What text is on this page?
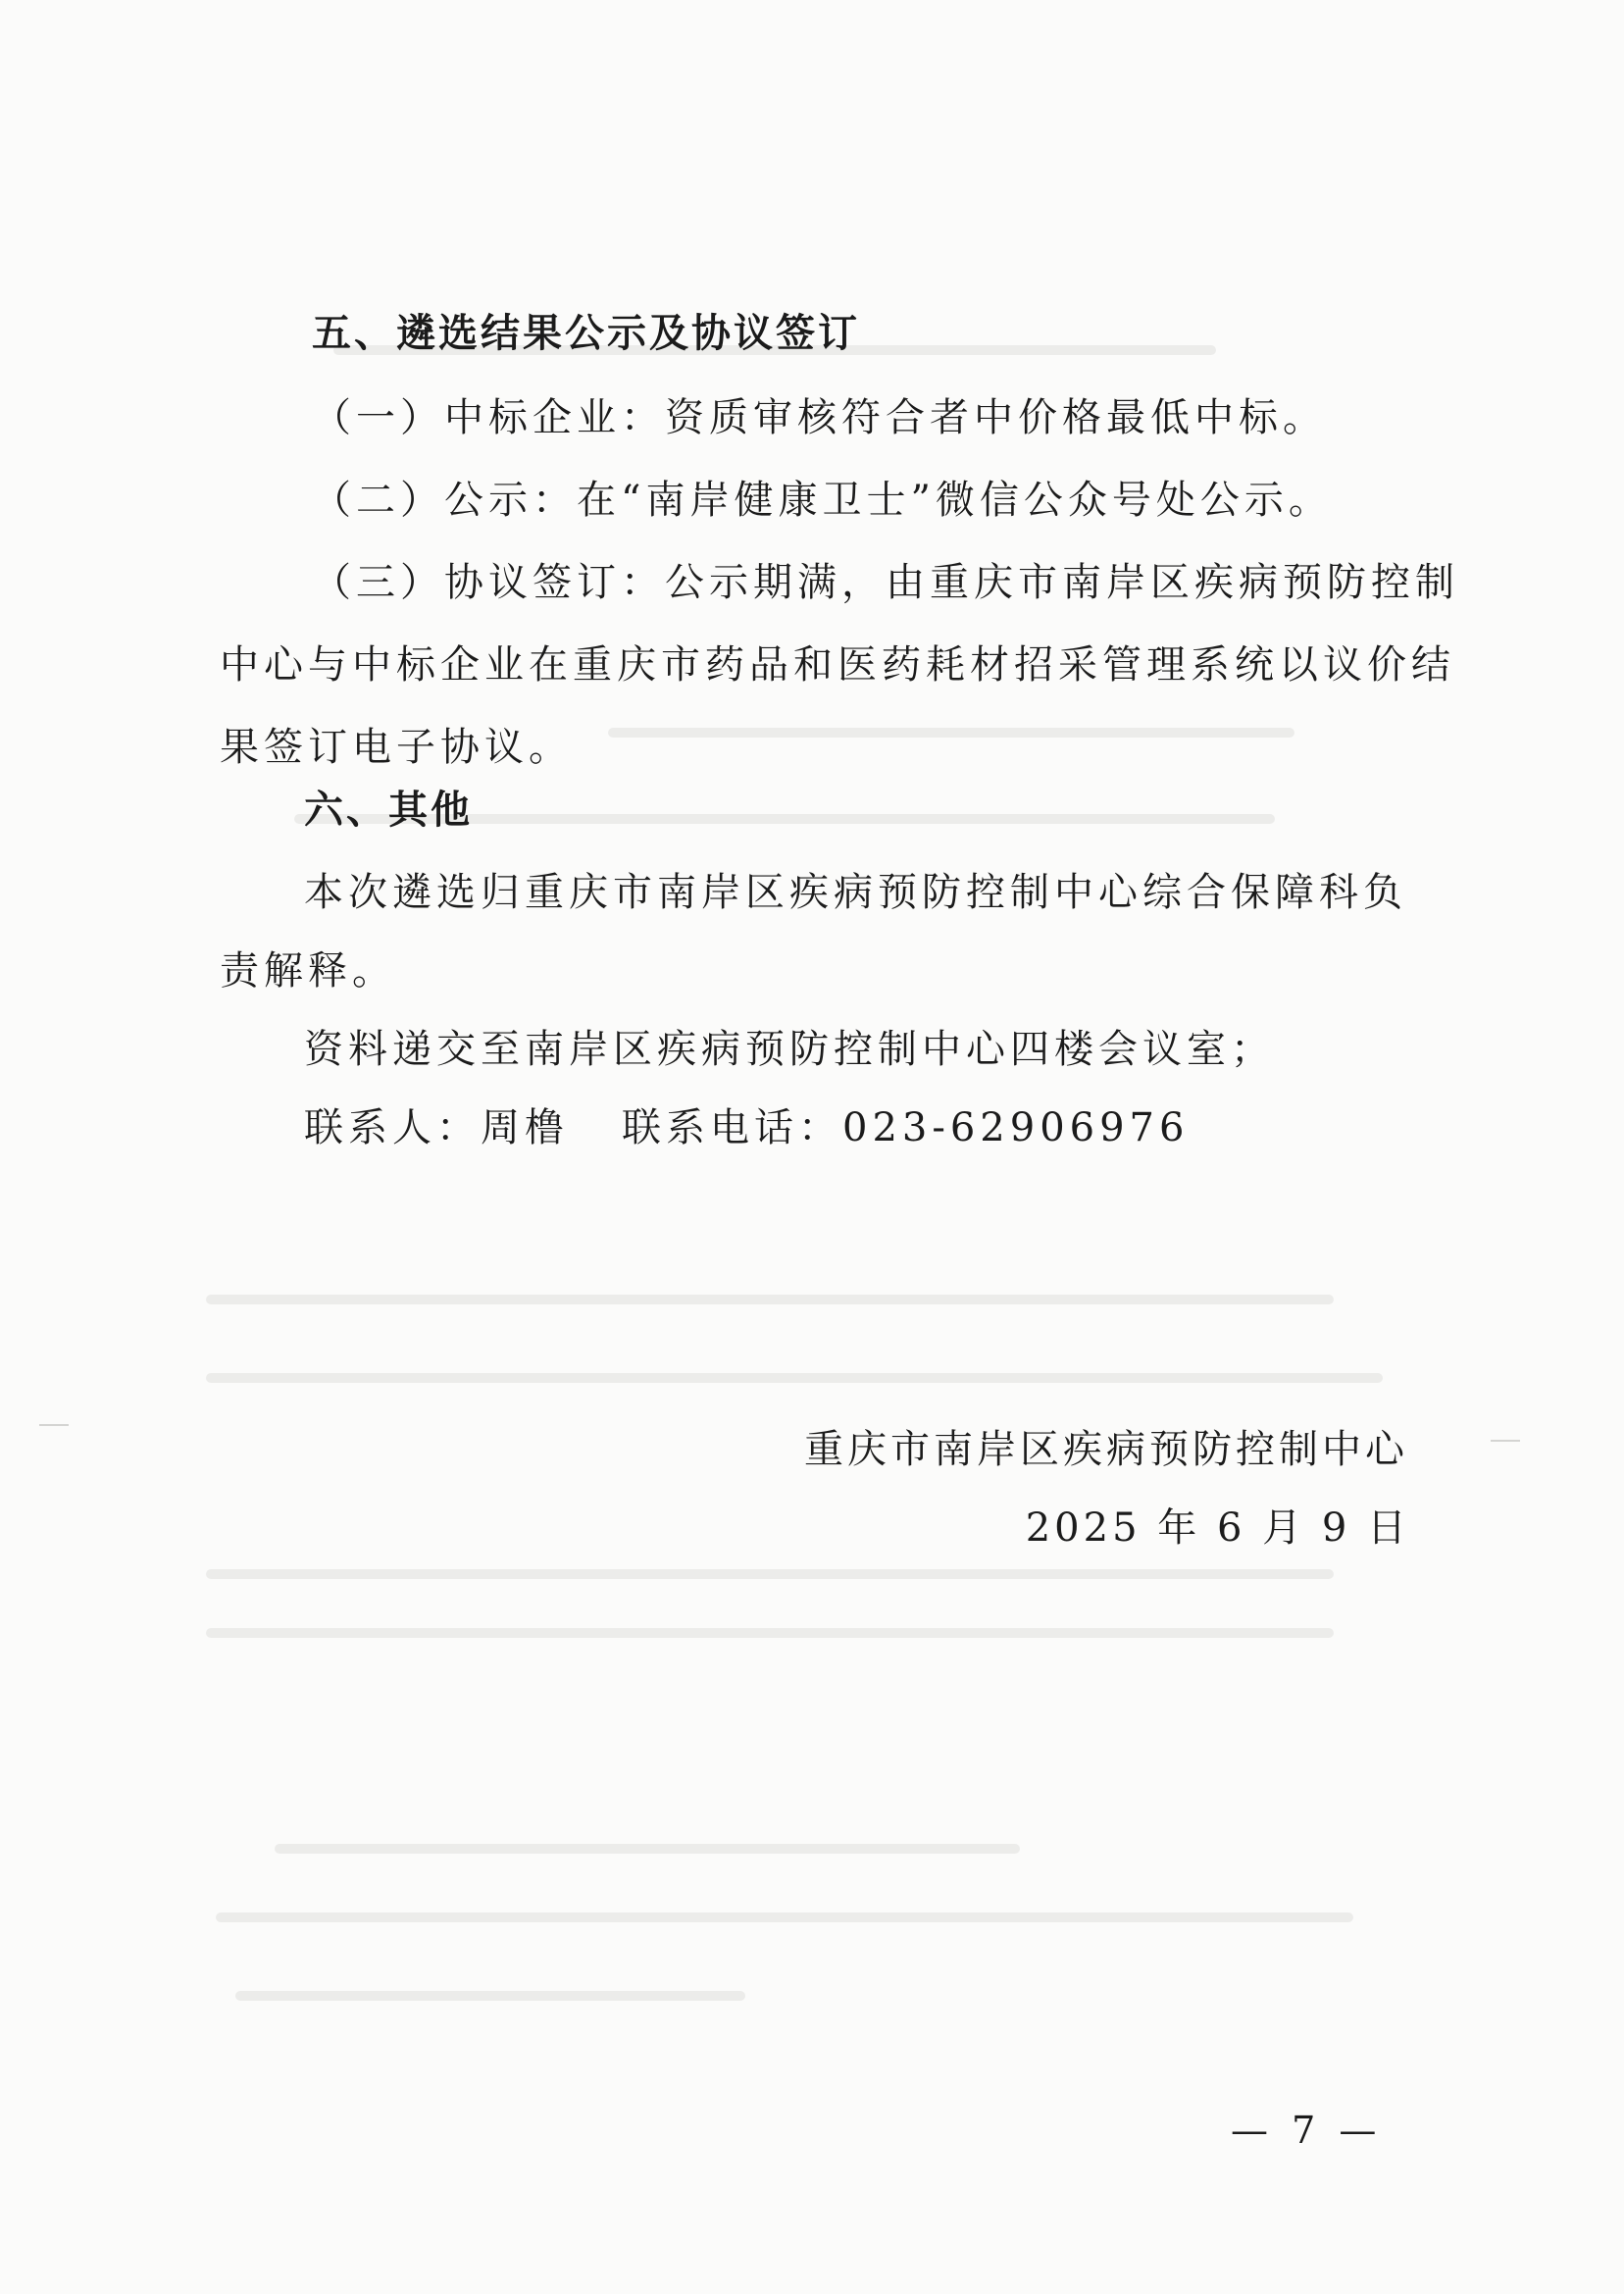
五、遴选结果公示及协议签订
（一）中标企业：资质审核符合者中价格最低中标。
（二）公示：在“南岸健康卫士”微信公众号处公示。
（三）协议签订：公示期满，由重庆市南岸区疾病预防控制
中心与中标企业在重庆市药品和医药耗材招采管理系统以议价结
果签订电子协议。
六、其他
本次遴选归重庆市南岸区疾病预防控制中心综合保障科负
责解释。
资料递交至南岸区疾病预防控制中心四楼会议室；
联系人：周橹 联系电话：023-62906976
重庆市南岸区疾病预防控制中心
2025 年 6 月 9 日
— 7 —
